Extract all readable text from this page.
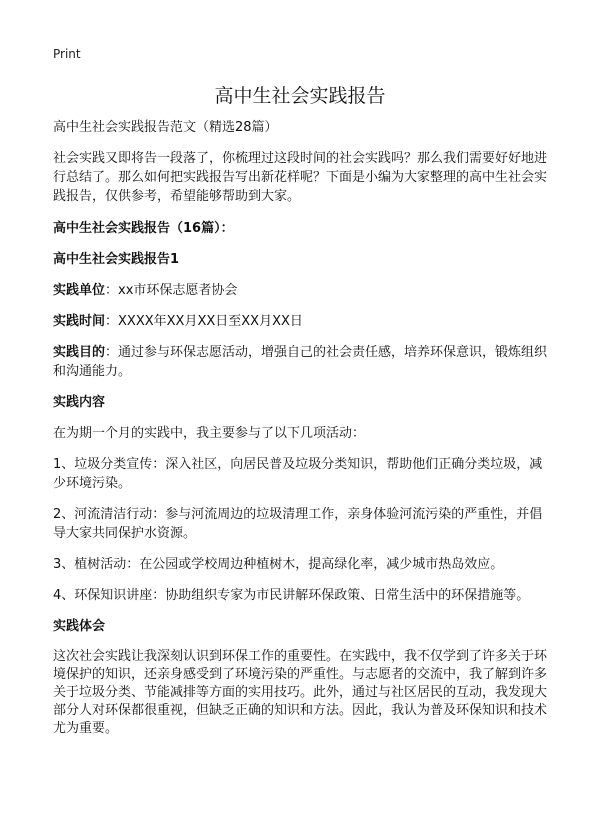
Print
高中生社会实践报告

高中生社会实践报告范文（精选28篇）

社会实践又即将告一段落了，你梳理过这段时间的社会实践吗？那么我们需要好好地进行总结了。那么如何把实践报告写出新花样呢？下面是小编为大家整理的高中生社会实践报告，仅供参考，希望能够帮助到大家。

高中生社会实践报告（16篇）：

高中生社会实践报告1

实践单位：xx市环保志愿者协会

实践时间：XXXX年XX月XX日至XX月XX日

实践目的：通过参与环保志愿活动，增强自己的社会责任感，培养环保意识，锻炼组织和沟通能力。

实践内容

在为期一个月的实践中，我主要参与了以下几项活动：

1、垃圾分类宣传：深入社区，向居民普及垃圾分类知识，帮助他们正确分类垃圾，减少环境污染。

2、河流清洁行动：参与河流周边的垃圾清理工作，亲身体验河流污染的严重性，并倡导大家共同保护水资源。

3、植树活动：在公园或学校周边种植树木，提高绿化率，减少城市热岛效应。

4、环保知识讲座：协助组织专家为市民讲解环保政策、日常生活中的环保措施等。

实践体会

这次社会实践让我深刻认识到环保工作的重要性。在实践中，我不仅学到了许多关于环境保护的知识，还亲身感受到了环境污染的严重性。与志愿者的交流中，我了解到许多关于垃圾分类、节能减排等方面的实用技巧。此外，通过与社区居民的互动，我发现大部分人对环保都很重视，但缺乏正确的知识和方法。因此，我认为普及环保知识和技术尤为重要。
